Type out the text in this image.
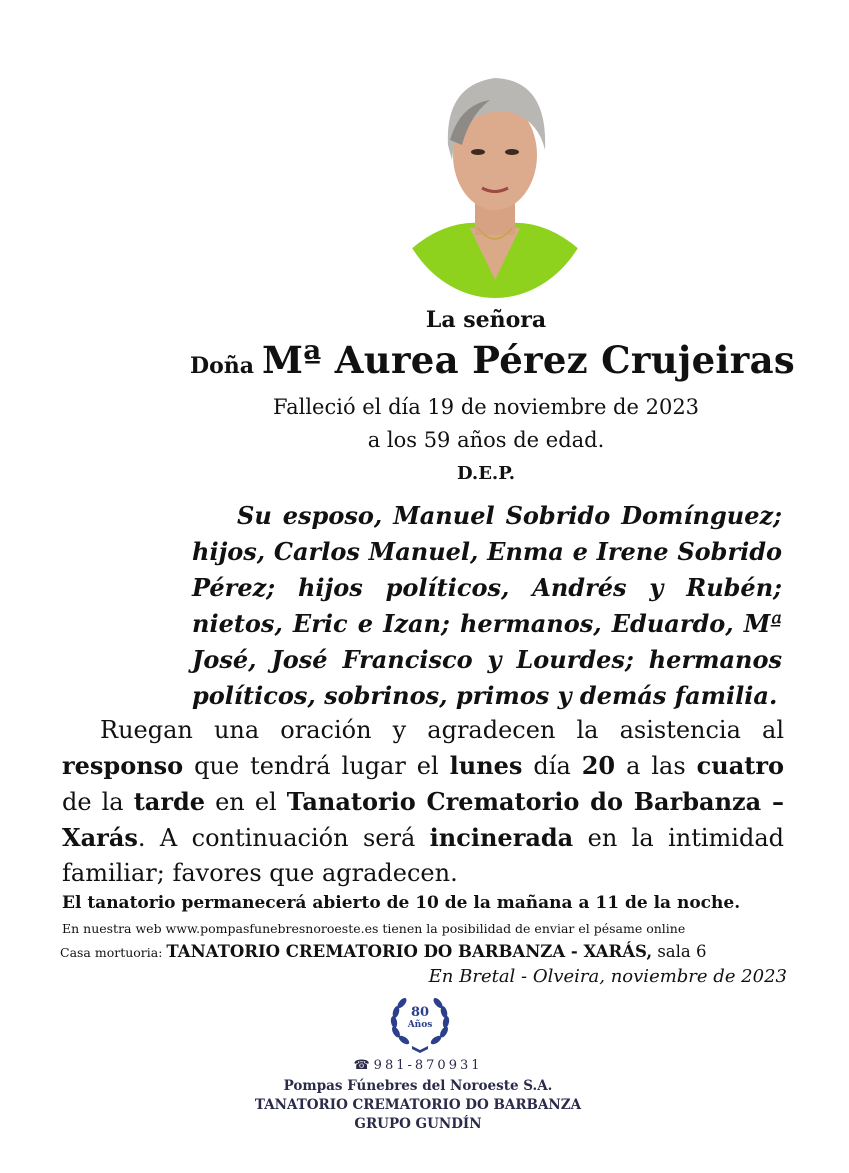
La señora
Doña Mª Aurea Pérez Crujeiras
Falleció el día 19 de noviembre de 2023
a los 59 años de edad.
D.E.P.
Su esposo, Manuel Sobrido Domínguez; hijos, Carlos Manuel, Enma e Irene Sobrido Pérez; hijos políticos, Andrés y Rubén; nietos, Eric e Izan; hermanos, Eduardo, Mª José, José Francisco y Lourdes; hermanos políticos, sobrinos, primos y demás familia.
Ruegan una oración y agradecen la asistencia al responso que tendrá lugar el lunes día 20 a las cuatro de la tarde en el Tanatorio Crematorio do Barbanza – Xarás. A continuación será incinerada en la intimidad familiar; favores que agradecen.
El tanatorio permanecerá abierto de 10 de la mañana a 11 de la noche.
En nuestra web www.pompasfunebresnoroeste.es tienen la posibilidad de enviar el pésame online
Casa mortuoria: TANATORIO CREMATORIO DO BARBANZA - XARÁS, sala 6
En Bretal - Olveira, noviembre de 2023
80
Años
☎ 981-870931
Pompas Fúnebres del Noroeste S.A.
TANATORIO CREMATORIO DO BARBANZA
GRUPO GUNDÍN
